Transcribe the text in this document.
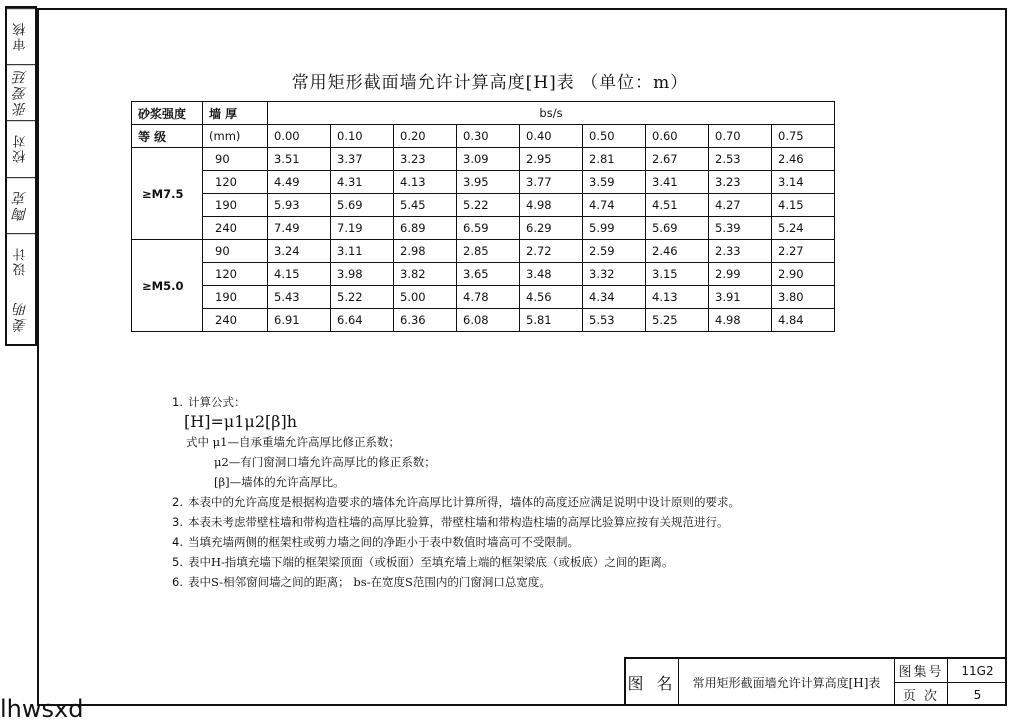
审核
张爱廷
校对
陶克
设计
姜明
常用矩形截面墙允许计算高度[H]表 （单位：m）
砂浆强度	墙 厚	bs/s								
等 级	(mm)	0.00	0.10	0.20	0.30	0.40	0.50	0.60	0.70	0.75
≥M7.5	90	3.51	3.37	3.23	3.09	2.95	2.81	2.67	2.53	2.46
	120	4.49	4.31	4.13	3.95	3.77	3.59	3.41	3.23	3.14
	190	5.93	5.69	5.45	5.22	4.98	4.74	4.51	4.27	4.15
	240	7.49	7.19	6.89	6.59	6.29	5.99	5.69	5.39	5.24
≥M5.0	90	3.24	3.11	2.98	2.85	2.72	2.59	2.46	2.33	2.27
	120	4.15	3.98	3.82	3.65	3.48	3.32	3.15	2.99	2.90
	190	5.43	5.22	5.00	4.78	4.56	4.34	4.13	3.91	3.80
	240	6.91	6.64	6.36	6.08	5.81	5.53	5.25	4.98	4.84
1. 计算公式：
[H]=μ1μ2[β]h
式中 μ1—自承重墙允许高厚比修正系数；
μ2—有门窗洞口墙允许高厚比的修正系数；
[β]—墙体的允许高厚比。
2. 本表中的允许高度是根据构造要求的墙体允许高厚比计算所得，墙体的高度还应满足说明中设计原则的要求。
3. 本表未考虑带壁柱墙和带构造柱墙的高厚比验算，带壁柱墙和带构造柱墙的高厚比验算应按有关规范进行。
4. 当填充墙两侧的框架柱或剪力墙之间的净距小于表中数值时墙高可不受限制。
5. 表中H-指填充墙下端的框架梁顶面（或板面）至填充墙上端的框架梁底（或板底）之间的距离。
6. 表中S-相邻窗间墙之间的距离； bs-在宽度S范围内的门窗洞口总宽度。
图 名	常用矩形截面墙允许计算高度[H]表
图集号	11G2
页 次	5
lhwsxd
